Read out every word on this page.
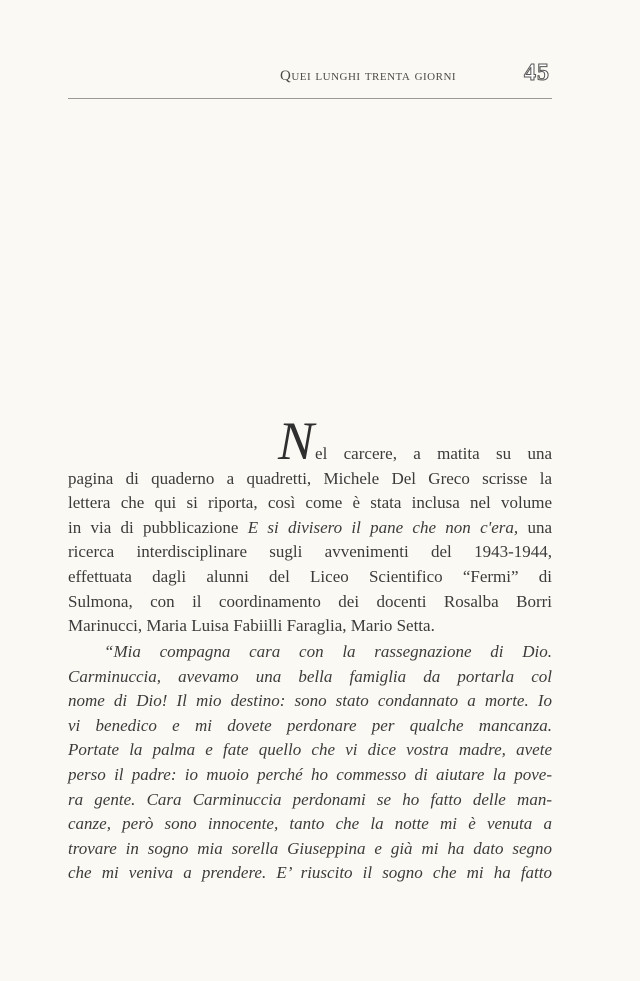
Quei lunghi trenta giorni	45
Nel carcere, a matita su una
pagina di quaderno a quadretti, Michele Del Greco scrisse la
lettera che qui si riporta, così come è stata inclusa nel volume
in via di pubblicazione E si divisero il pane che non c'era, una
ricerca interdisciplinare sugli avvenimenti del 1943-1944,
effettuata dagli alunni del Liceo Scientifico “Fermi” di
Sulmona, con il coordinamento dei docenti Rosalba Borri
Marinucci, Maria Luisa Fabiilli Faraglia, Mario Setta.
“Mia compagna cara con la rassegnazione di Dio.
Carminuccia, avevamo una bella famiglia da portarla col
nome di Dio! Il mio destino: sono stato condannato a morte. Io
vi benedico e mi dovete perdonare per qualche mancanza.
Portate la palma e fate quello che vi dice vostra madre, avete
perso il padre: io muoio perché ho commesso di aiutare la pove-
ra gente. Cara Carminuccia perdonami se ho fatto delle man-
canze, però sono innocente, tanto che la notte mi è venuta a
trovare in sogno mia sorella Giuseppina e già mi ha dato segno
che mi veniva a prendere. E’ riuscito il sogno che mi ha fatto
